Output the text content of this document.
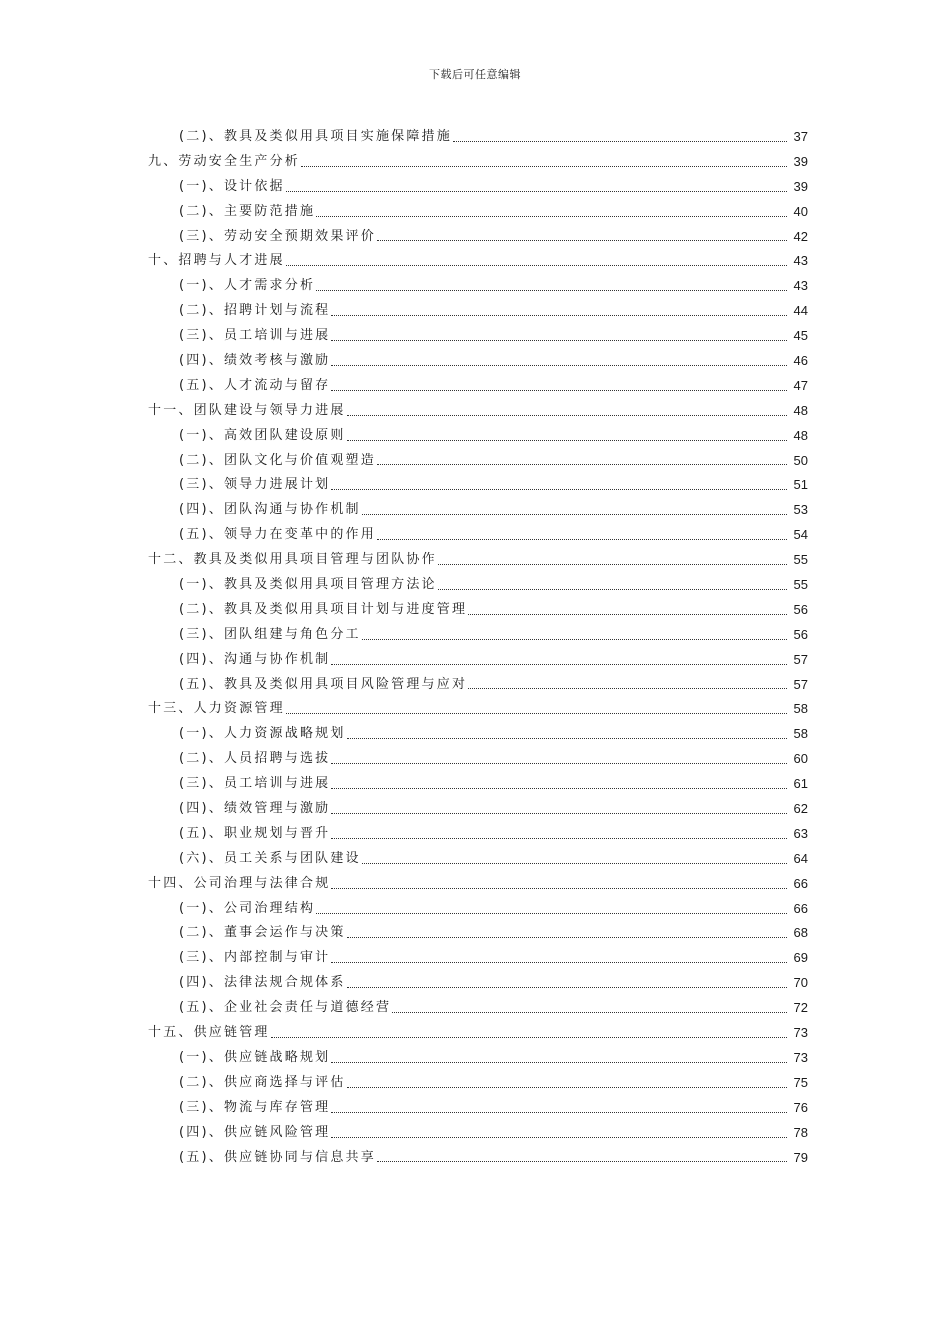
下载后可任意编辑
(二)、教具及类似用具项目实施保障措施	37
九、劳动安全生产分析	39
(一)、设计依据	39
(二)、主要防范措施	40
(三)、劳动安全预期效果评价	42
十、招聘与人才进展	43
(一)、人才需求分析	43
(二)、招聘计划与流程	44
(三)、员工培训与进展	45
(四)、绩效考核与激励	46
(五)、人才流动与留存	47
十一、团队建设与领导力进展	48
(一)、高效团队建设原则	48
(二)、团队文化与价值观塑造	50
(三)、领导力进展计划	51
(四)、团队沟通与协作机制	53
(五)、领导力在变革中的作用	54
十二、教具及类似用具项目管理与团队协作	55
(一)、教具及类似用具项目管理方法论	55
(二)、教具及类似用具项目计划与进度管理	56
(三)、团队组建与角色分工	56
(四)、沟通与协作机制	57
(五)、教具及类似用具项目风险管理与应对	57
十三、人力资源管理	58
(一)、人力资源战略规划	58
(二)、人员招聘与选拔	60
(三)、员工培训与进展	61
(四)、绩效管理与激励	62
(五)、职业规划与晋升	63
(六)、员工关系与团队建设	64
十四、公司治理与法律合规	66
(一)、公司治理结构	66
(二)、董事会运作与决策	68
(三)、内部控制与审计	69
(四)、法律法规合规体系	70
(五)、企业社会责任与道德经营	72
十五、供应链管理	73
(一)、供应链战略规划	73
(二)、供应商选择与评估	75
(三)、物流与库存管理	76
(四)、供应链风险管理	78
(五)、供应链协同与信息共享	79
